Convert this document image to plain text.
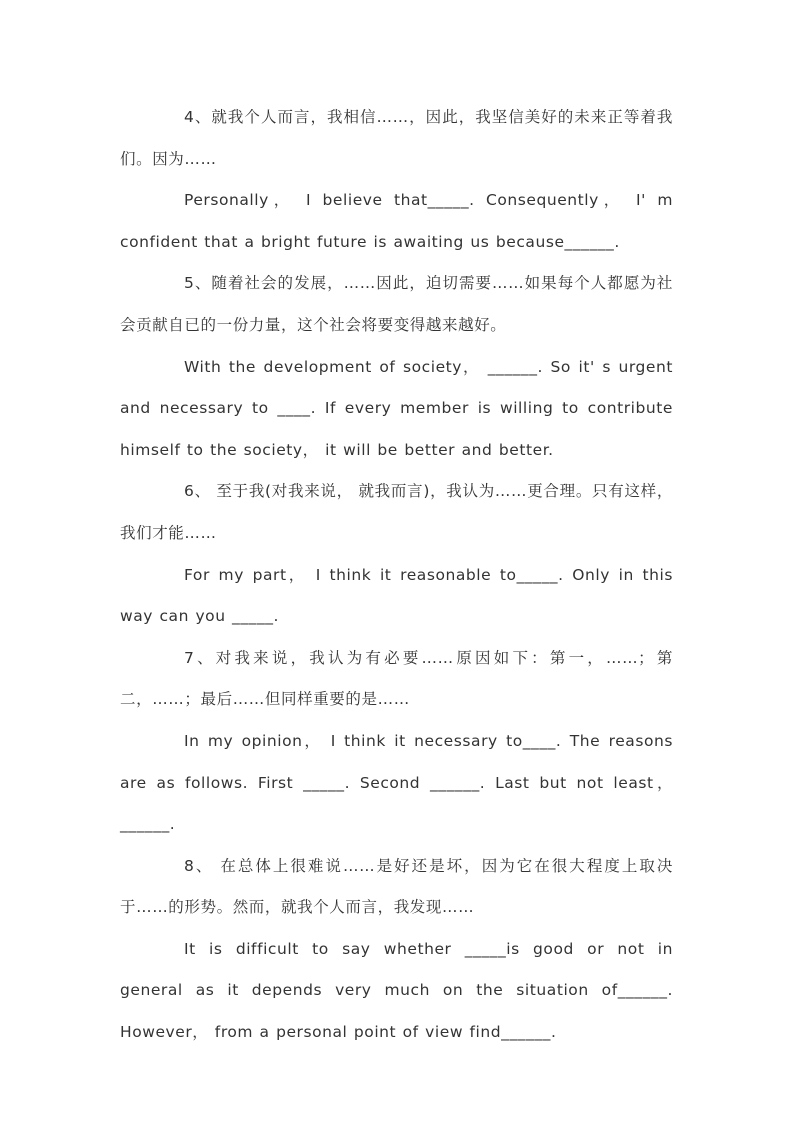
4、就我个人而言，我相信……，因此，我坚信美好的未来正等着我们。因为……

Personally， I believe that_____. Consequently， I' m confident that a bright future is awaiting us because______.

5、随着社会的发展，……因此，迫切需要……如果每个人都愿为社会贡献自已的一份力量，这个社会将要变得越来越好。

With the development of society， ______. So it' s urgent and necessary to ____. If every member is willing to contribute himself to the society， it will be better and better.

6、 至于我(对我来说， 就我而言)，我认为……更合理。只有这样，我们才能……

For my part， I think it reasonable to_____. Only in this way can you _____.

7、对我来说，我认为有必要……原因如下：第一，……；第二，……；最后……但同样重要的是……

In my opinion， I think it necessary to____. The reasons are as follows. First _____. Second ______. Last but not least，______.

8、 在总体上很难说……是好还是坏，因为它在很大程度上取决于……的形势。然而，就我个人而言，我发现……

It is difficult to say whether _____is good or not in general as it depends very much on the situation of______. However， from a personal point of view find______.
